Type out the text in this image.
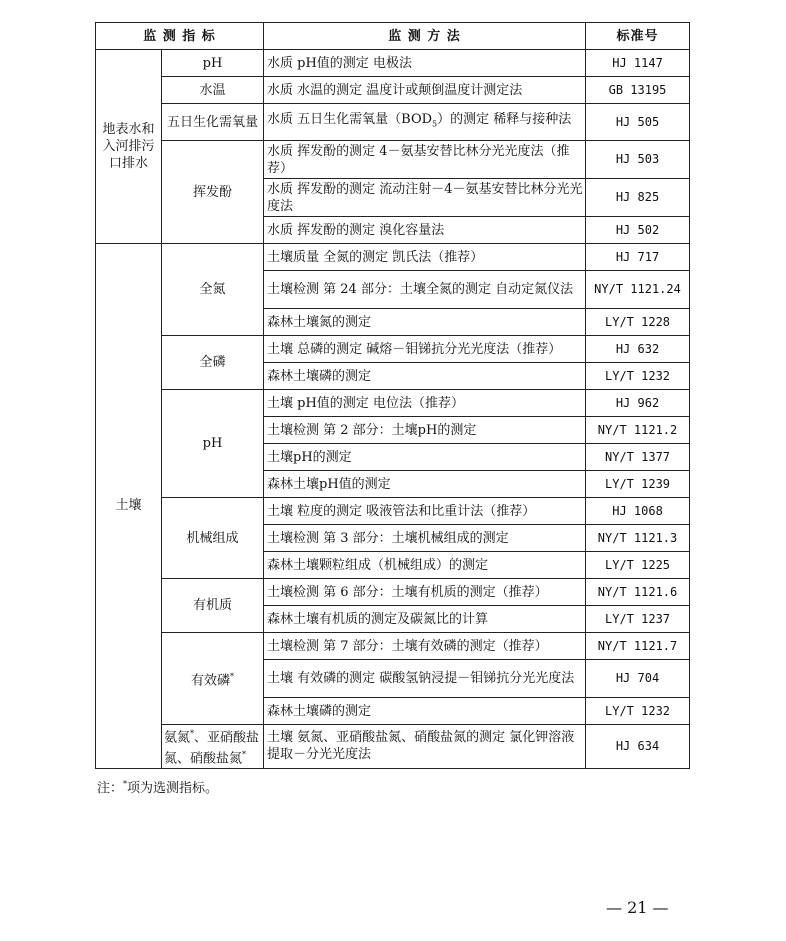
监 测 指 标		监 测 方 法	标准号
地表水和入河排污口排水	pH	水质 pH值的测定 电极法	HJ 1147
	水温	水质 水温的测定 温度计或颠倒温度计测定法	GB 13195
	五日生化需氧量	水质 五日生化需氧量$(BOD_5)$的测定 稀释与接种法	HJ 505
	挥发酚	水质 挥发酚的测定 4－氨基安替比林分光光度法（推荐）	HJ 503
		水质 挥发酚的测定 流动注射－4－氨基安替比林分光光度法	HJ 825
		水质 挥发酚的测定 溴化容量法	HJ 502
土壤	全氮	土壤质量 全氮的测定 凯氏法（推荐）	HJ 717
		土壤检测 第 24 部分：土壤全氮的测定 自动定氮仪法	NY/T 1121.24
		森林土壤氮的测定	LY/T 1228
	全磷	土壤 总磷的测定 碱熔－钼锑抗分光光度法（推荐）	HJ 632
		森林土壤磷的测定	LY/T 1232
	pH	土壤 pH值的测定 电位法（推荐）	HJ 962
		土壤检测 第 2 部分：土壤pH的测定	NY/T 1121.2
		土壤pH的测定	NY/T 1377
		森林土壤pH值的测定	LY/T 1239
	机械组成	土壤 粒度的测定 吸液管法和比重计法（推荐）	HJ 1068
		土壤检测 第 3 部分：土壤机械组成的测定	NY/T 1121.3
		森林土壤颗粒组成（机械组成）的测定	LY/T 1225
	有机质	土壤检测 第 6 部分：土壤有机质的测定（推荐）	NY/T 1121.6
		森林土壤有机质的测定及碳氮比的计算	LY/T 1237
	有效磷*	土壤检测 第 7 部分：土壤有效磷的测定（推荐）	NY/T 1121.7
		土壤 有效磷的测定 碳酸氢钠浸提－钼锑抗分光光度法	HJ 704
		森林土壤磷的测定	LY/T 1232
	氨氮*、亚硝酸盐氮、硝酸盐氮*	土壤 氨氮、亚硝酸盐氮、硝酸盐氮的测定 氯化钾溶液提取－分光光度法	HJ 634
注：*项为选测指标。
— 21 —
